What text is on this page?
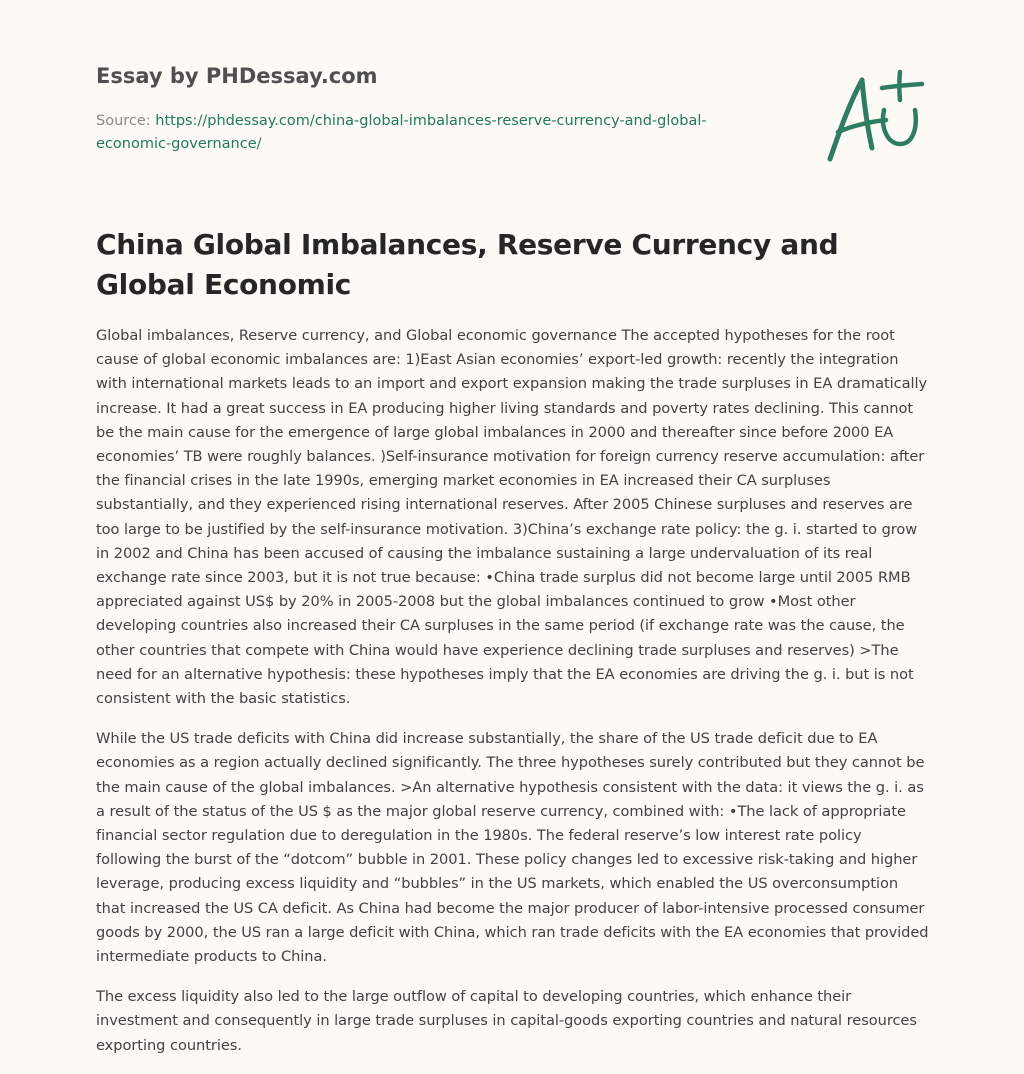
Essay by PHDessay.com
Source: https://phdessay.com/china-global-imbalances-reserve-currency-and-global-economic-governance/
China Global Imbalances, Reserve Currency and Global Economic

Global imbalances, Reserve currency, and Global economic governance The accepted hypotheses for the root cause of global economic imbalances are: 1)East Asian economies’ export-led growth: recently the integration with international markets leads to an import and export expansion making the trade surpluses in EA dramatically increase. It had a great success in EA producing higher living standards and poverty rates declining. This cannot be the main cause for the emergence of large global imbalances in 2000 and thereafter since before 2000 EA economies’ TB were roughly balances. )Self-insurance motivation for foreign currency reserve accumulation: after the financial crises in the late 1990s, emerging market economies in EA increased their CA surpluses substantially, and they experienced rising international reserves. After 2005 Chinese surpluses and reserves are too large to be justified by the self-insurance motivation. 3)China’s exchange rate policy: the g. i. started to grow in 2002 and China has been accused of causing the imbalance sustaining a large undervaluation of its real exchange rate since 2003, but it is not true because: •China trade surplus did not become large until 2005 RMB appreciated against US$ by 20% in 2005-2008 but the global imbalances continued to grow •Most other developing countries also increased their CA surpluses in the same period (if exchange rate was the cause, the other countries that compete with China would have experience declining trade surpluses and reserves) >The need for an alternative hypothesis: these hypotheses imply that the EA economies are driving the g. i. but is not consistent with the basic statistics.

While the US trade deficits with China did increase substantially, the share of the US trade deficit due to EA economies as a region actually declined significantly. The three hypotheses surely contributed but they cannot be the main cause of the global imbalances. >An alternative hypothesis consistent with the data: it views the g. i. as a result of the status of the US $ as the major global reserve currency, combined with: •The lack of appropriate financial sector regulation due to deregulation in the 1980s. The federal reserve’s low interest rate policy following the burst of the “dotcom” bubble in 2001. These policy changes led to excessive risk-taking and higher leverage, producing excess liquidity and “bubbles” in the US markets, which enabled the US overconsumption that increased the US CA deficit. As China had become the major producer of labor-intensive processed consumer goods by 2000, the US ran a large deficit with China, which ran trade deficits with the EA economies that provided intermediate products to China.

The excess liquidity also led to the large outflow of capital to developing countries, which enhance their investment and consequently in large trade surpluses in capital-goods exporting countries and natural resources exporting countries.
